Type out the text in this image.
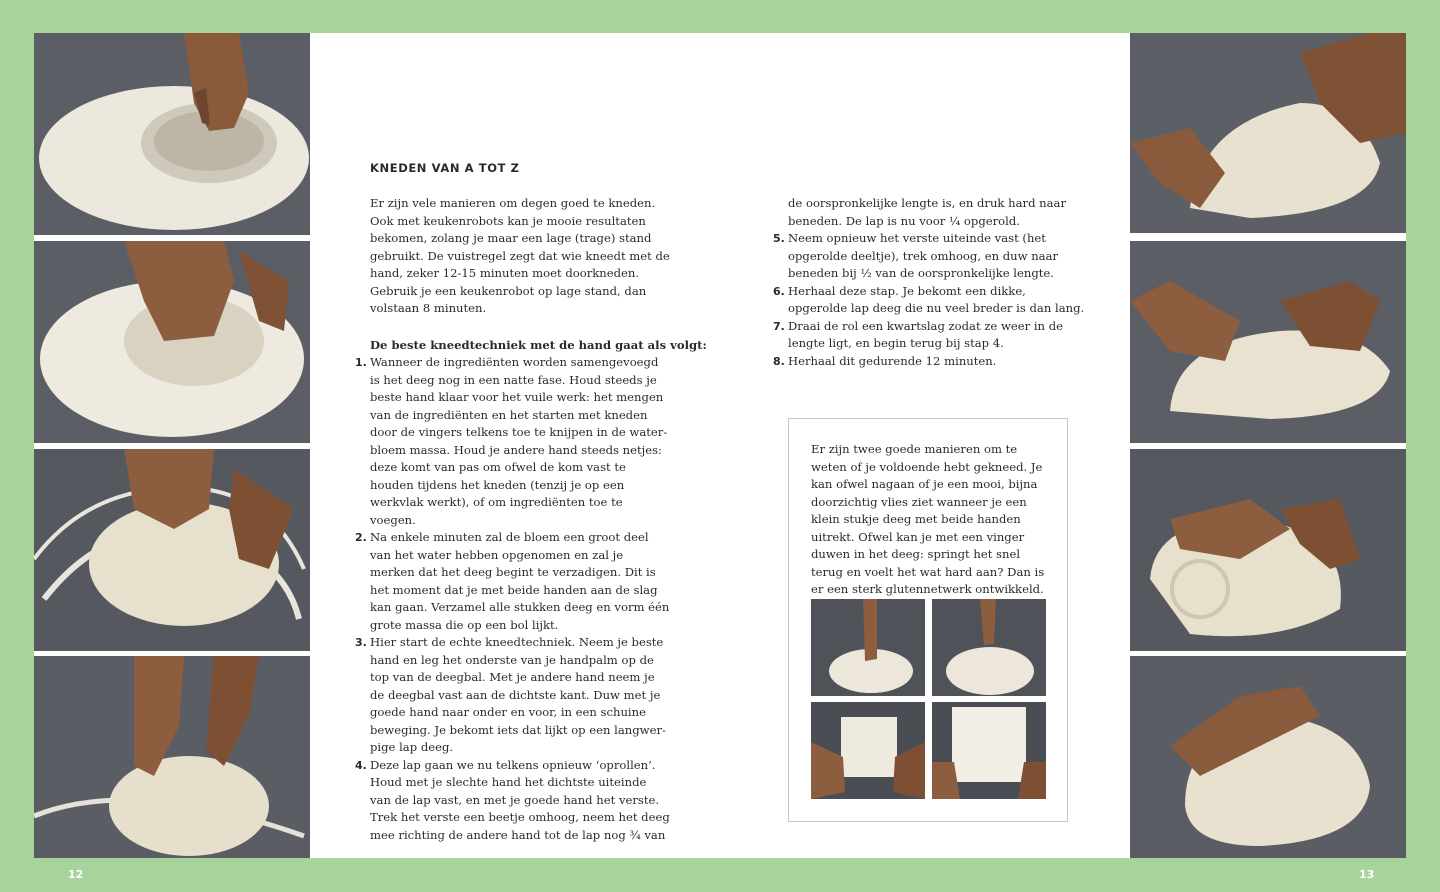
KNEDEN VAN A TOT Z

Er zijn vele manieren om degen goed te kneden. Ook met keukenrobots kan je mooie resultaten bekomen, zolang je maar een lage (trage) stand gebruikt. De vuistregel zegt dat wie kneedt met de hand, zeker 12-15 minuten moet doorkneden. Gebruik je een keukenrobot op lage stand, dan volstaan 8 minuten.

De beste kneedtechniek met de hand gaat als volgt:
1. Wanneer de ingrediënten worden samengevoegd is het deeg nog in een natte fase. Houd steeds je beste hand klaar voor het vuile werk: het mengen van de ingrediënten en het starten met kneden door de vingers telkens toe te knijpen in de water-bloem massa. Houd je andere hand steeds netjes: deze komt van pas om ofwel de kom vast te houden tijdens het kneden (tenzij je op een werkvlak werkt), of om ingrediënten toe te voegen.
2. Na enkele minuten zal de bloem een groot deel van het water hebben opgenomen en zal je merken dat het deeg begint te verzadigen. Dit is het moment dat je met beide handen aan de slag kan gaan. Verzamel alle stukken deeg en vorm één grote massa die op een bol lijkt.
3. Hier start de echte kneedtechniek. Neem je beste hand en leg het onderste van je handpalm op de top van de deegbal. Met je andere hand neem je de deegbal vast aan de dichtste kant. Duw met je goede hand naar onder en voor, in een schuine beweging. Je bekomt iets dat lijkt op een langwer-pige lap deeg.
4. Deze lap gaan we nu telkens opnieuw ‘oprollen’. Houd met je slechte hand het dichtste uiteinde van de lap vast, en met je goede hand het verste. Trek het verste een beetje omhoog, neem het deeg mee richting de andere hand tot de lap nog ¾ van

de oorspronkelijke lengte is, en druk hard naar beneden. De lap is nu voor ¼ opgerold.

5. Neem opnieuw het verste uiteinde vast (het opgerolde deeltje), trek omhoog, en duw naar beneden bij ½ van de oorspronkelijke lengte.
6. Herhaal deze stap. Je bekomt een dikke, opgerolde lap deeg die nu veel breder is dan lang.
7. Draai de rol een kwartslag zodat ze weer in de lengte ligt, en begin terug bij stap 4.
8. Herhaal dit gedurende 12 minuten.

Er zijn twee goede manieren om te weten of je voldoende hebt gekneed. Je kan ofwel nagaan of je een mooi, bijna doorzichtig vlies ziet wanneer je een klein stukje deeg met beide handen uitrekt. Ofwel kan je met een vinger duwen in het deeg: springt het snel terug en voelt het wat hard aan? Dan is er een sterk glutennetwerk ontwikkeld.

12	13
